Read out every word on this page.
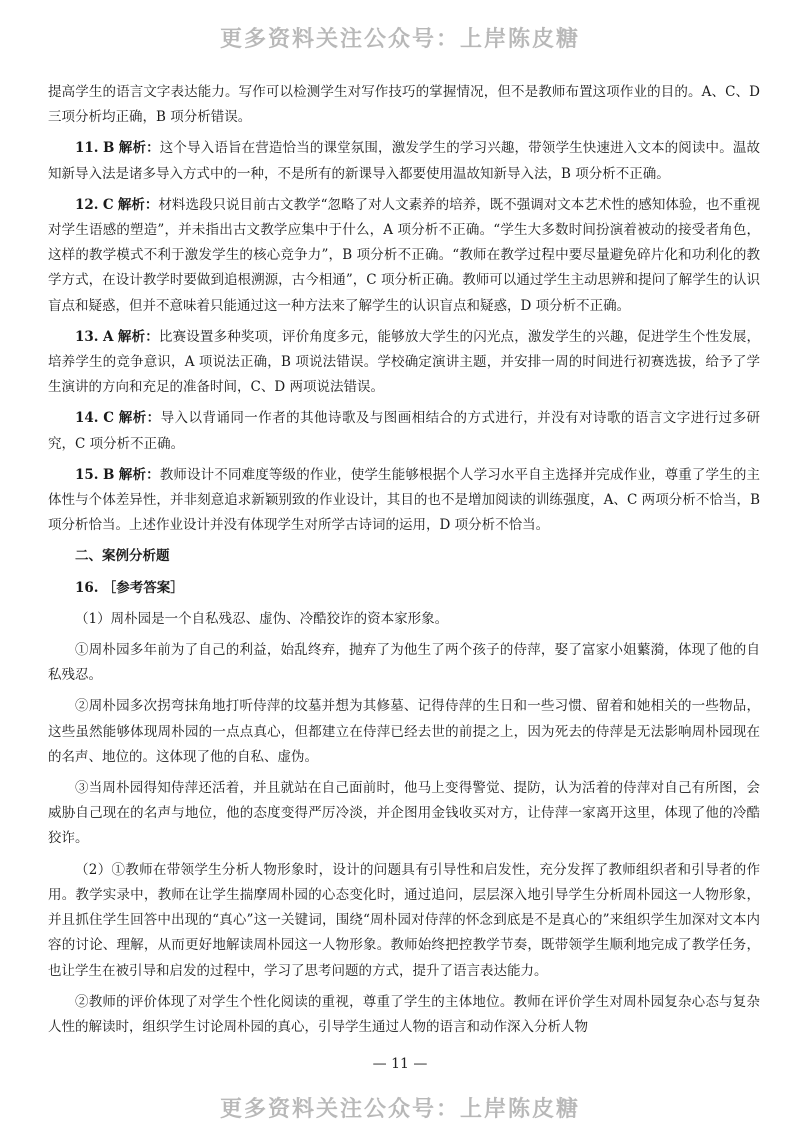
更多资料关注公众号：上岸陈皮糖

提高学生的语言文字表达能力。写作可以检测学生对写作技巧的掌握情况，但不是教师布置这项作业的目的。A、C、D 三项分析均正确，B 项分析错误。

11. B 解析：这个导入语旨在营造恰当的课堂氛围，激发学生的学习兴趣，带领学生快速进入文本的阅读中。温故知新导入法是诸多导入方式中的一种，不是所有的新课导入都要使用温故知新导入法，B 项分析不正确。

12. C 解析：材料选段只说目前古文教学“忽略了对人文素养的培养，既不强调对文本艺术性的感知体验，也不重视对学生语感的塑造”，并未指出古文教学应集中于什么，A 项分析不正确。“学生大多数时间扮演着被动的接受者角色，这样的教学模式不利于激发学生的核心竞争力”，B 项分析不正确。“教师在教学过程中要尽量避免碎片化和功利化的教学方式，在设计教学时要做到追根溯源，古今相通”，C 项分析正确。教师可以通过学生主动思辨和提问了解学生的认识盲点和疑惑，但并不意味着只能通过这一种方法来了解学生的认识盲点和疑惑，D 项分析不正确。

13. A 解析：比赛设置多种奖项，评价角度多元，能够放大学生的闪光点，激发学生的兴趣，促进学生个性发展，培养学生的竞争意识，A 项说法正确，B 项说法错误。学校确定演讲主题，并安排一周的时间进行初赛选拔，给予了学生演讲的方向和充足的准备时间，C、D 两项说法错误。

14. C 解析：导入以背诵同一作者的其他诗歌及与图画相结合的方式进行，并没有对诗歌的语言文字进行过多研究，C 项分析不正确。

15. B 解析：教师设计不同难度等级的作业，使学生能够根据个人学习水平自主选择并完成作业，尊重了学生的主体性与个体差异性，并非刻意追求新颖别致的作业设计，其目的也不是增加阅读的训练强度，A、C 两项分析不恰当，B 项分析恰当。上述作业设计并没有体现学生对所学古诗词的运用，D 项分析不恰当。

二、案例分析题

16. ［参考答案］

（1）周朴园是一个自私残忍、虚伪、冷酷狡诈的资本家形象。

①周朴园多年前为了自己的利益，始乱终弃，抛弃了为他生了两个孩子的侍萍，娶了富家小姐蘩漪，体现了他的自私残忍。

②周朴园多次拐弯抹角地打听侍萍的坟墓并想为其修墓、记得侍萍的生日和一些习惯、留着和她相关的一些物品，这些虽然能够体现周朴园的一点点真心，但都建立在侍萍已经去世的前提之上，因为死去的侍萍是无法影响周朴园现在的名声、地位的。这体现了他的自私、虚伪。

③当周朴园得知侍萍还活着，并且就站在自己面前时，他马上变得警觉、提防，认为活着的侍萍对自己有所图，会威胁自己现在的名声与地位，他的态度变得严厉冷淡，并企图用金钱收买对方，让侍萍一家离开这里，体现了他的冷酷狡诈。

（2）①教师在带领学生分析人物形象时，设计的问题具有引导性和启发性，充分发挥了教师组织者和引导者的作用。教学实录中，教师在让学生揣摩周朴园的心态变化时，通过追问，层层深入地引导学生分析周朴园这一人物形象，并且抓住学生回答中出现的“真心”这一关键词，围绕“周朴园对侍萍的怀念到底是不是真心的”来组织学生加深对文本内容的讨论、理解，从而更好地解读周朴园这一人物形象。教师始终把控教学节奏，既带领学生顺利地完成了教学任务，也让学生在被引导和启发的过程中，学习了思考问题的方式，提升了语言表达能力。

②教师的评价体现了对学生个性化阅读的重视，尊重了学生的主体地位。教师在评价学生对周朴园复杂心态与复杂人性的解读时，组织学生讨论周朴园的真心，引导学生通过人物的语言和动作深入分析人物

— 11 —
更多资料关注公众号：上岸陈皮糖
